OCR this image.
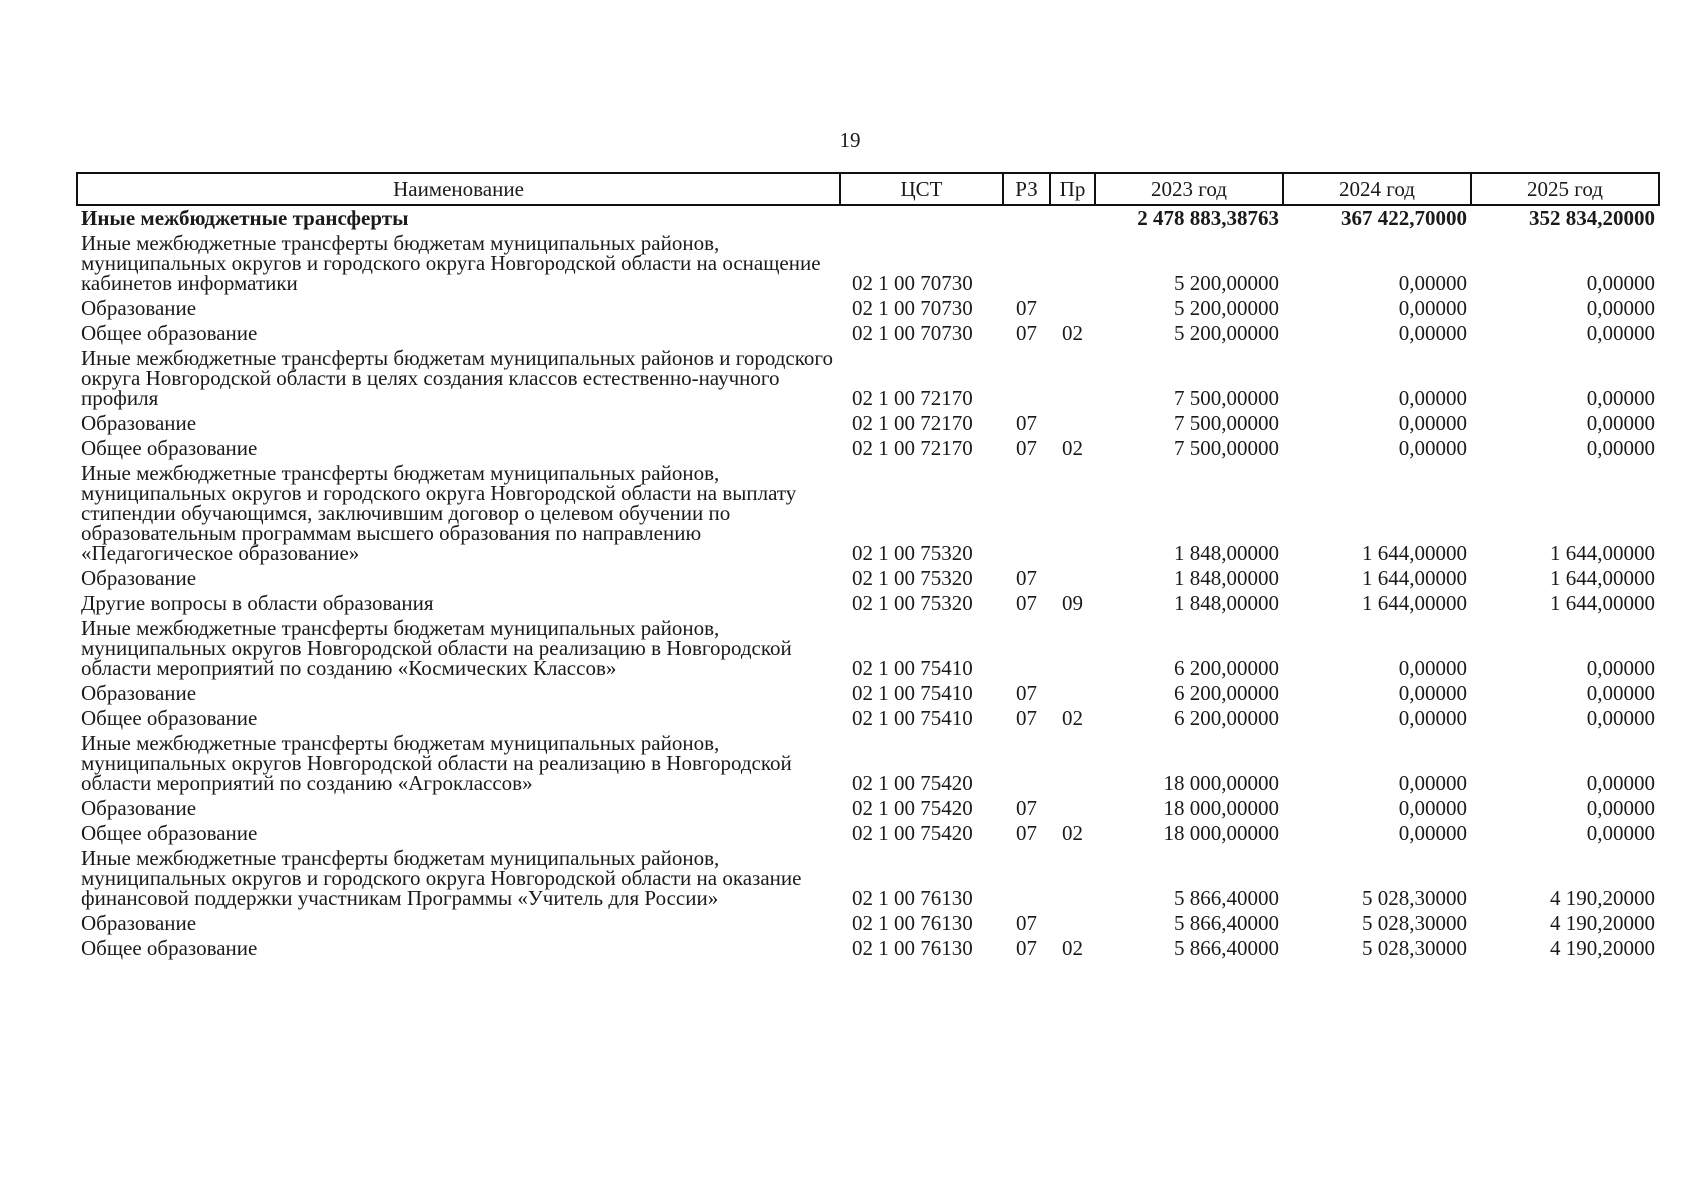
19
Наименование	ЦСТ	РЗ	Пр	2023 год	2024 год	2025 год
Иные межбюджетные трансферты				2 478 883,38763	367 422,70000	352 834,20000
Иные межбюджетные трансферты бюджетам муниципальных районов, муниципальных округов и городского округа Новгородской области на оснащение кабинетов информатики	02 1 00 70730			5 200,00000	0,00000	0,00000
Образование	02 1 00 70730	07		5 200,00000	0,00000	0,00000
Общее образование	02 1 00 70730	07	02	5 200,00000	0,00000	0,00000
Иные межбюджетные трансферты бюджетам муниципальных районов и городского округа Новгородской области в целях создания классов естественно-научного профиля	02 1 00 72170			7 500,00000	0,00000	0,00000
Образование	02 1 00 72170	07		7 500,00000	0,00000	0,00000
Общее образование	02 1 00 72170	07	02	7 500,00000	0,00000	0,00000
Иные межбюджетные трансферты бюджетам муниципальных районов, муниципальных округов и городского округа Новгородской области на выплату стипендии обучающимся, заключившим договор о целевом обучении по образовательным программам высшего образования по направлению «Педагогическое образование»	02 1 00 75320			1 848,00000	1 644,00000	1 644,00000
Образование	02 1 00 75320	07		1 848,00000	1 644,00000	1 644,00000
Другие вопросы в области образования	02 1 00 75320	07	09	1 848,00000	1 644,00000	1 644,00000
Иные межбюджетные трансферты бюджетам муниципальных районов, муниципальных округов Новгородской области на реализацию в Новгородской области мероприятий по созданию «Космических Классов»	02 1 00 75410			6 200,00000	0,00000	0,00000
Образование	02 1 00 75410	07		6 200,00000	0,00000	0,00000
Общее образование	02 1 00 75410	07	02	6 200,00000	0,00000	0,00000
Иные межбюджетные трансферты бюджетам муниципальных районов, муниципальных округов Новгородской области на реализацию в Новгородской области мероприятий по созданию «Агроклассов»	02 1 00 75420			18 000,00000	0,00000	0,00000
Образование	02 1 00 75420	07		18 000,00000	0,00000	0,00000
Общее образование	02 1 00 75420	07	02	18 000,00000	0,00000	0,00000
Иные межбюджетные трансферты бюджетам муниципальных районов, муниципальных округов и городского округа Новгородской области на оказание финансовой поддержки участникам Программы «Учитель для России»	02 1 00 76130			5 866,40000	5 028,30000	4 190,20000
Образование	02 1 00 76130	07		5 866,40000	5 028,30000	4 190,20000
Общее образование	02 1 00 76130	07	02	5 866,40000	5 028,30000	4 190,20000
